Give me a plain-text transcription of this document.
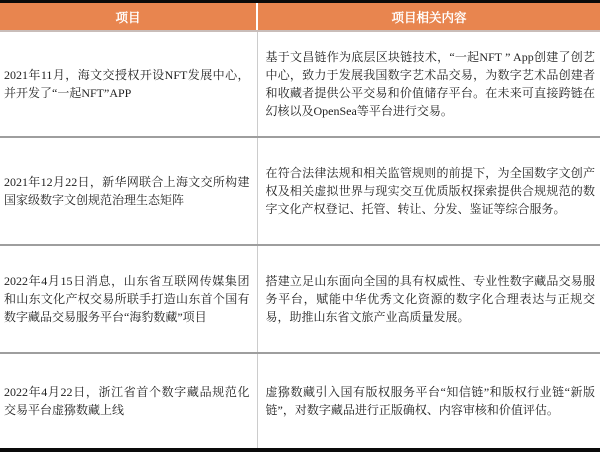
项目	项目相关内容
2021年11月，海文交授权开设NFT发展中心，并开发了“一起NFT”APP	基于文昌链作为底层区块链技术，“一起NFT ” App创建了创艺中心，致力于发展我国数字艺术品交易，为数字艺术品创建者和收藏者提供公平交易和价值储存平台。在未来可直接跨链在幻核以及OpenSea等平台进行交易。
2021年12月22日，新华网联合上海文交所构建国家级数字文创规范治理生态矩阵	在符合法律法规和相关监管规则的前提下，为全国数字文创产权及相关虚拟世界与现实交互优质版权探索提供合规规范的数字文化产权登记、托管、转让、分发、鉴证等综合服务。
2022年4月15日消息，山东省互联网传媒集团和山东文化产权交易所联手打造山东首个国有数字藏品交易服务平台“海豹数藏”项目	搭建立足山东面向全国的具有权威性、专业性数字藏品交易服务平台，赋能中华优秀文化资源的数字化合理表达与正规交易，助推山东省文旅产业高质量发展。
2022年4月22日，浙江省首个数字藏品规范化交易平台虚猕数藏上线	虚猕数藏引入国有版权服务平台“知信链”和版权行业链“新版链”，对数字藏品进行正版确权、内容审核和价值评估。
